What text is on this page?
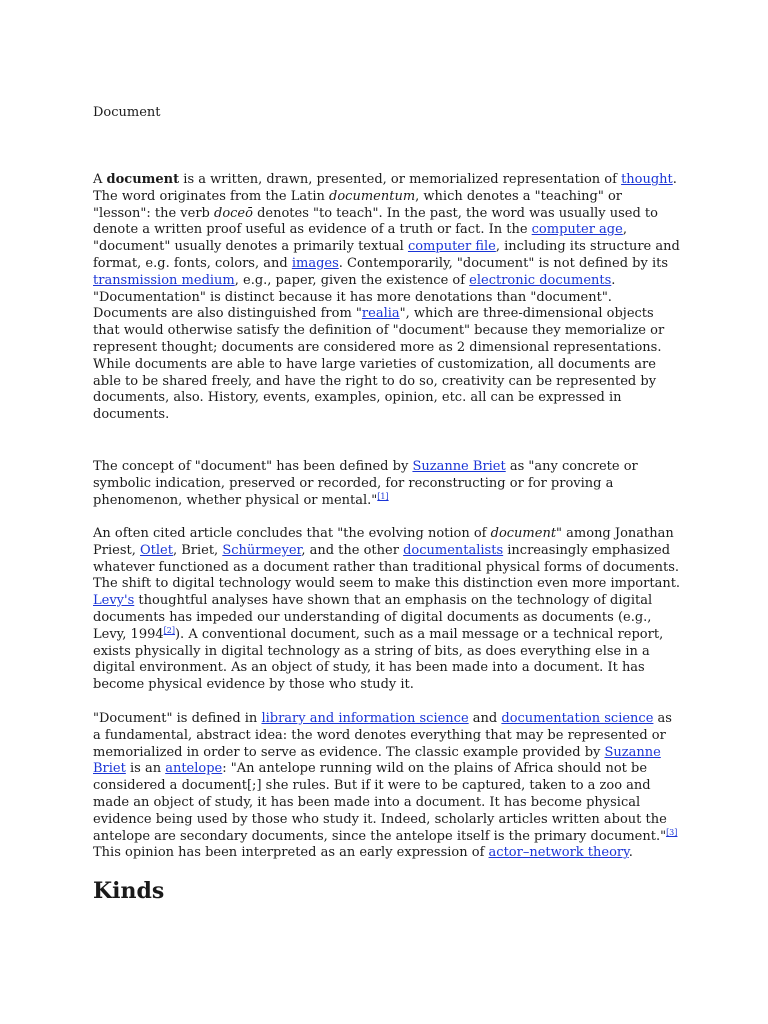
Document

A document is a written, drawn, presented, or memorialized representation of thought. The word originates from the Latin documentum, which denotes a "teaching" or "lesson": the verb doceō denotes "to teach". In the past, the word was usually used to denote a written proof useful as evidence of a truth or fact. In the computer age, "document" usually denotes a primarily textual computer file, including its structure and format, e.g. fonts, colors, and images. Contemporarily, "document" is not defined by its transmission medium, e.g., paper, given the existence of electronic documents. "Documentation" is distinct because it has more denotations than "document". Documents are also distinguished from "realia", which are three-dimensional objects that would otherwise satisfy the definition of "document" because they memorialize or represent thought; documents are considered more as 2 dimensional representations. While documents are able to have large varieties of customization, all documents are able to be shared freely, and have the right to do so, creativity can be represented by documents, also. History, events, examples, opinion, etc. all can be expressed in documents.

The concept of "document" has been defined by Suzanne Briet as "any concrete or symbolic indication, preserved or recorded, for reconstructing or for proving a phenomenon, whether physical or mental."[1]

An often cited article concludes that "the evolving notion of document" among Jonathan Priest, Otlet, Briet, Schürmeyer, and the other documentalists increasingly emphasized whatever functioned as a document rather than traditional physical forms of documents. The shift to digital technology would seem to make this distinction even more important. Levy's thoughtful analyses have shown that an emphasis on the technology of digital documents has impeded our understanding of digital documents as documents (e.g., Levy, 1994[2]). A conventional document, such as a mail message or a technical report, exists physically in digital technology as a string of bits, as does everything else in a digital environment. As an object of study, it has been made into a document. It has become physical evidence by those who study it.

"Document" is defined in library and information science and documentation science as a fundamental, abstract idea: the word denotes everything that may be represented or memorialized in order to serve as evidence. The classic example provided by Suzanne Briet is an antelope: "An antelope running wild on the plains of Africa should not be considered a document[;] she rules. But if it were to be captured, taken to a zoo and made an object of study, it has been made into a document. It has become physical evidence being used by those who study it. Indeed, scholarly articles written about the antelope are secondary documents, since the antelope itself is the primary document."[3] This opinion has been interpreted as an early expression of actor–network theory.

Kinds
